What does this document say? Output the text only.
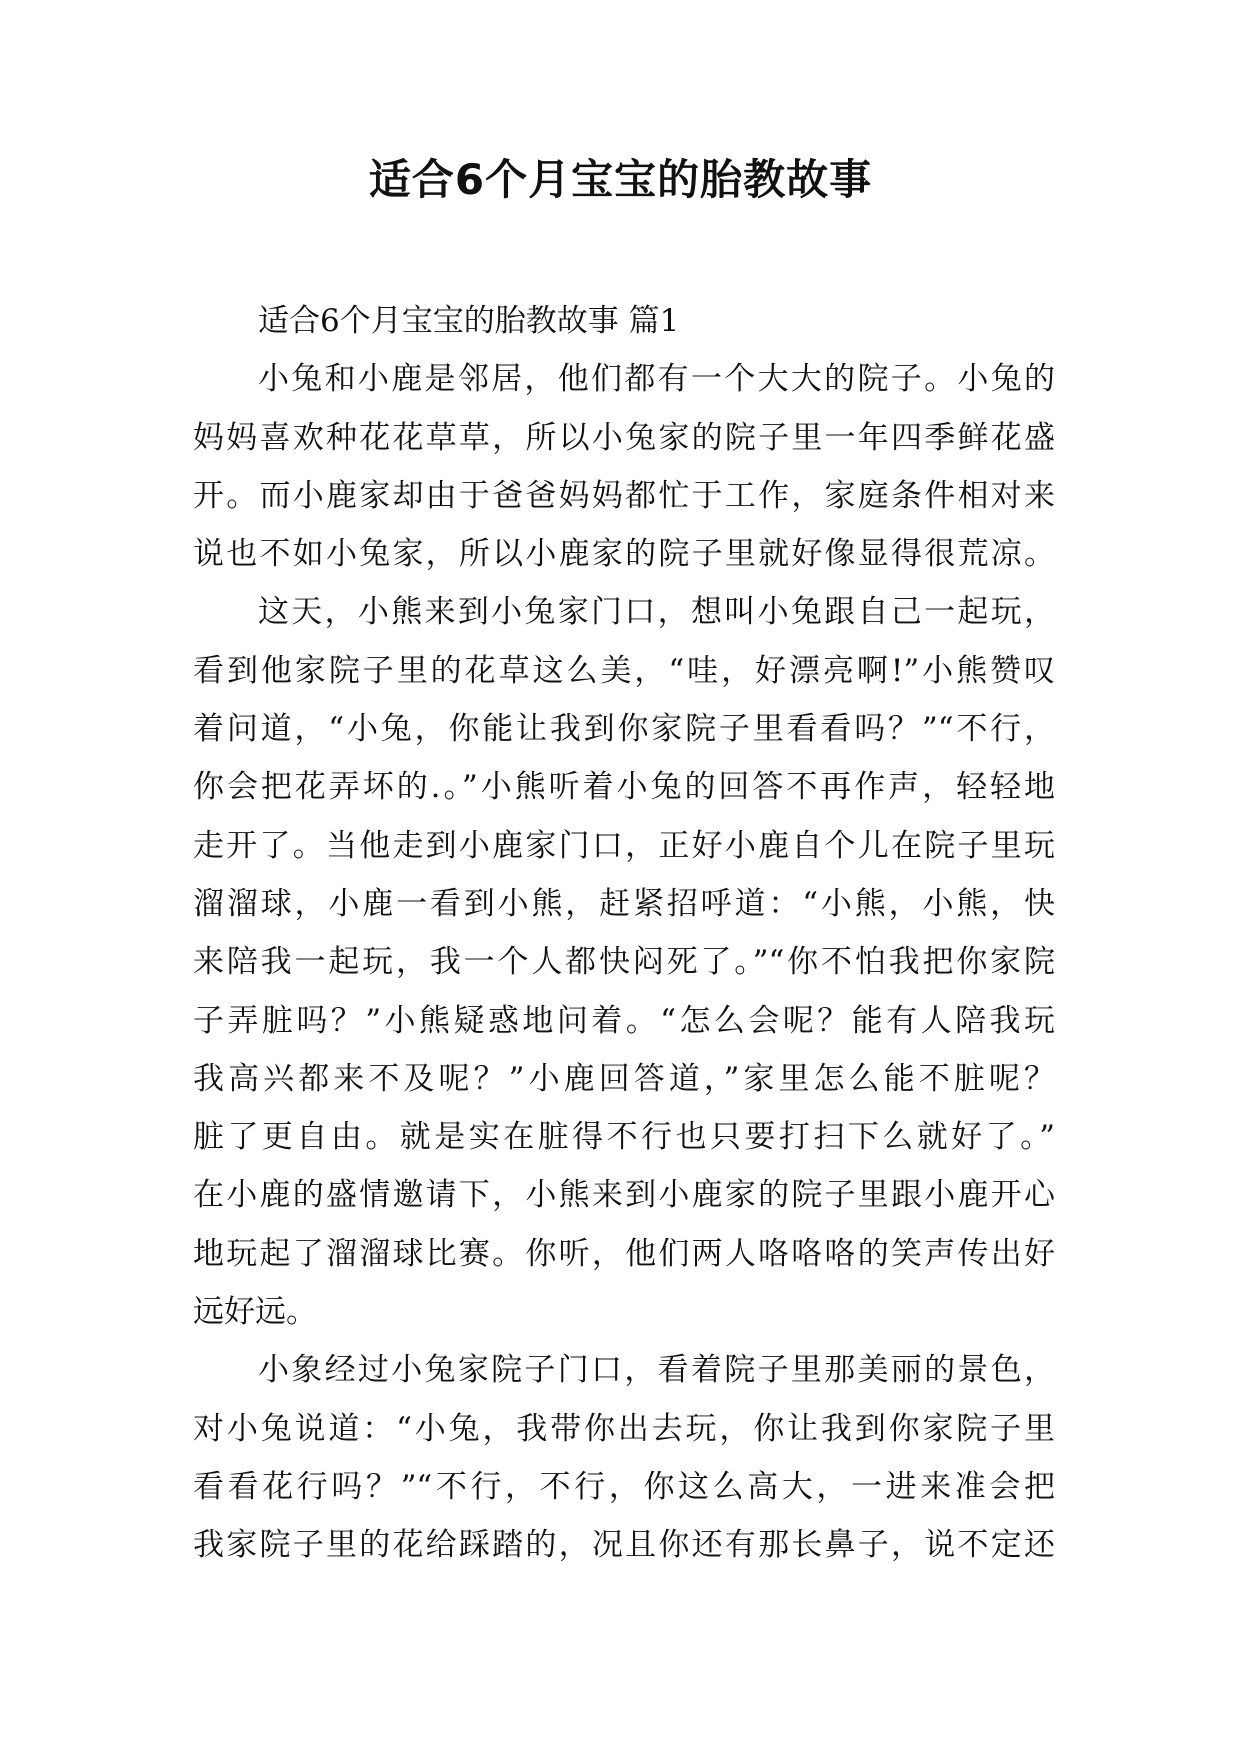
适合6个月宝宝的胎教故事
适合6个月宝宝的胎教故事 篇1
小兔和小鹿是邻居，他们都有一个大大的院子。小兔的
妈妈喜欢种花花草草，所以小兔家的院子里一年四季鲜花盛
开。而小鹿家却由于爸爸妈妈都忙于工作，家庭条件相对来
说也不如小兔家，所以小鹿家的院子里就好像显得很荒凉。
这天，小熊来到小兔家门口，想叫小兔跟自己一起玩，
看到他家院子里的花草这么美，“哇，好漂亮啊!”小熊赞叹
着问道，“小兔，你能让我到你家院子里看看吗？”“不行，
你会把花弄坏的.。”小熊听着小兔的回答不再作声，轻轻地
走开了。当他走到小鹿家门口，正好小鹿自个儿在院子里玩
溜溜球，小鹿一看到小熊，赶紧招呼道：“小熊，小熊，快
来陪我一起玩，我一个人都快闷死了。”“你不怕我把你家院
子弄脏吗？”小熊疑惑地问着。“怎么会呢？能有人陪我玩
我高兴都来不及呢？”小鹿回答道，”家里怎么能不脏呢？
脏了更自由。就是实在脏得不行也只要打扫下么就好了。”
在小鹿的盛情邀请下，小熊来到小鹿家的院子里跟小鹿开心
地玩起了溜溜球比赛。你听，他们两人咯咯咯的笑声传出好
远好远。
小象经过小兔家院子门口，看着院子里那美丽的景色，
对小兔说道：“小兔，我带你出去玩，你让我到你家院子里
看看花行吗？”“不行，不行，你这么高大，一进来准会把
我家院子里的花给踩踏的，况且你还有那长鼻子，说不定还
